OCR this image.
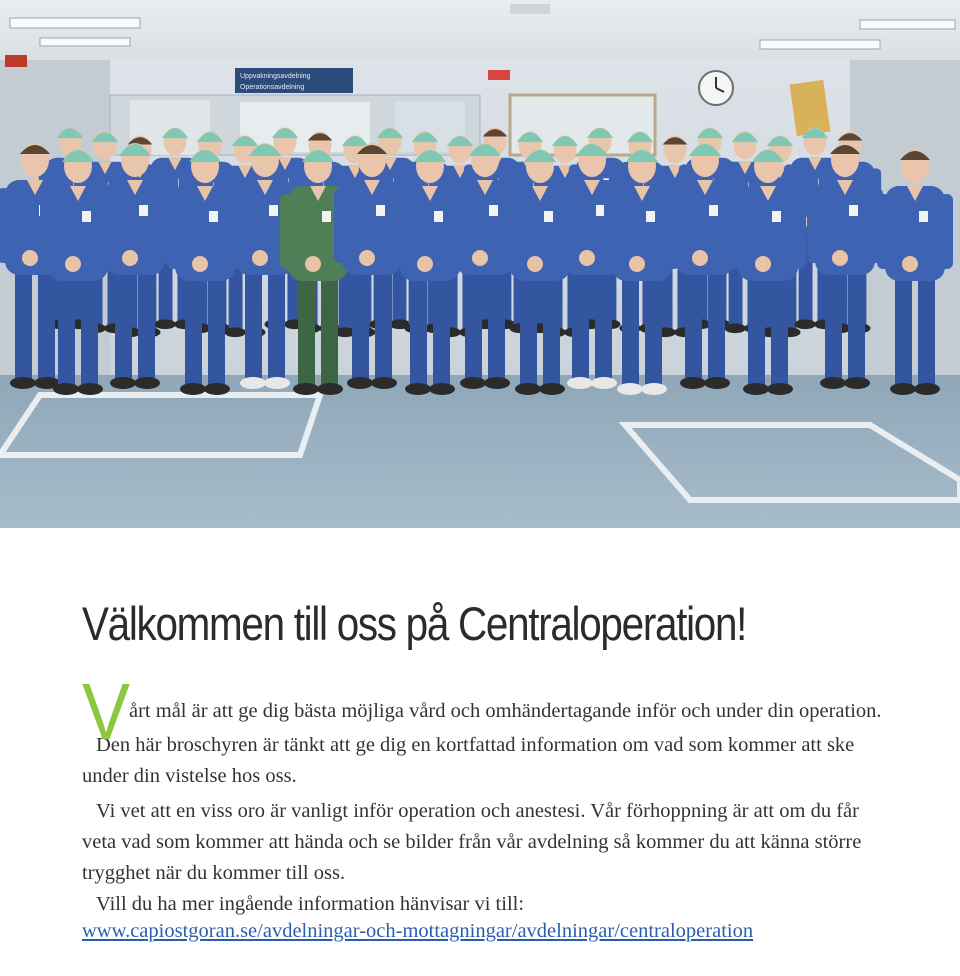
Uppvakningsavdelning
Operationsavdelning
Välkommen till oss på Centraloperation!

V
årt mål är att ge dig bästa möjliga vård och omhändertagande inför och under din operation.

Den här broschyren är tänkt att ge dig en kortfattad information om vad som kommer att ske under din vistelse hos oss.

Vi vet att en viss oro är vanligt inför operation och anestesi. Vår förhoppning är att om du får veta vad som kommer att hända och se bilder från vår avdelning så kommer du att känna större trygghet när du kommer till oss.

Vill du ha mer ingående information hänvisar vi till:

www.capiostgoran.se/avdelningar-och-mottagningar/avdelningar/centraloperation
